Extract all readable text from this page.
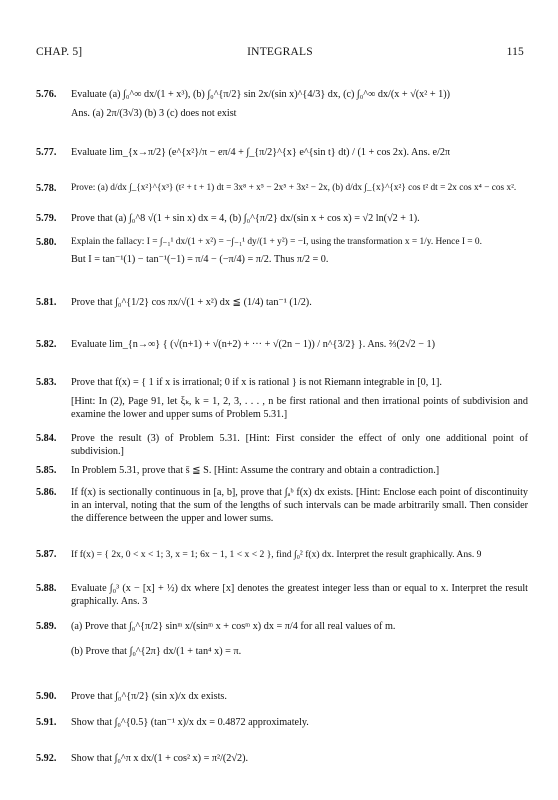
CHAP. 5]	INTEGRALS	115
5.76. Evaluate (a) ∫₀^∞ dx/(1 + x³), (b) ∫₀^{π/2} sin 2x/(sin x)^{4/3} dx, (c) ∫₀^∞ dx/(x + √(x² + 1))
Ans. (a) 2π/(3√3) (b) 3 (c) does not exist
5.77. Evaluate lim_{x→π/2} (e^{x²}/π − eπ/4 + ∫_{π/2}^{x} e^{sin t} dt) / (1 + cos 2x). Ans. e/2π
5.78. Prove: (a) d/dx ∫_{x²}^{x³} (t² + t + 1) dt = 3x⁸ + x⁵ − 2x⁵ + 3x² − 2x, (b) d/dx ∫_{x}^{x²} cos t² dt = 2x cos x⁴ − cos x².
5.79. Prove that (a) ∫₀^8 √(1 + sin x) dx = 4, (b) ∫₀^{π/2} dx/(sin x + cos x) = √2 ln(√2 + 1).
5.80. Explain the fallacy: I = ∫₋₁¹ dx/(1 + x²) = −∫₋₁¹ dy/(1 + y²) = −I, using the transformation x = 1/y. Hence I = 0.
But I = tan⁻¹(1) − tan⁻¹(−1) = π/4 − (−π/4) = π/2. Thus π/2 = 0.
5.81. Prove that ∫₀^{1/2} cos πx/√(1 + x²) dx ≦ (1/4) tan⁻¹ (1/2).
5.82. Evaluate lim_{n→∞} { (√(n+1) + √(n+2) + ··· + √(2n − 1)) / n^{3/2} }. Ans. ⅔(2√2 − 1)
5.83. Prove that f(x) = { 1 if x is irrational; 0 if x is rational } is not Riemann integrable in [0, 1].
[Hint: In (2), Page 91, let ξₖ, k = 1, 2, 3, . . . , n be first rational and then irrational points of subdivision and examine the lower and upper sums of Problem 5.31.]
5.84. Prove the result (3) of Problem 5.31. [Hint: First consider the effect of only one additional point of subdivision.]
5.85. In Problem 5.31, prove that s̄ ≦ S. [Hint: Assume the contrary and obtain a contradiction.]
5.86. If f(x) is sectionally continuous in [a, b], prove that ∫ₐᵇ f(x) dx exists. [Hint: Enclose each point of discontinuity in an interval, noting that the sum of the lengths of such intervals can be made arbitrarily small. Then consider the difference between the upper and lower sums.
5.87. If f(x) = { 2x, 0 < x < 1; 3, x = 1; 6x − 1, 1 < x < 2 }, find ∫₀² f(x) dx. Interpret the result graphically. Ans. 9
5.88. Evaluate ∫₀³ (x − [x] + ½) dx where [x] denotes the greatest integer less than or equal to x. Interpret the result graphically. Ans. 3
5.89. (a) Prove that ∫₀^{π/2} sinᵐ x/(sinᵐ x + cosᵐ x) dx = π/4 for all real values of m.
(b) Prove that ∫₀^{2π} dx/(1 + tan⁴ x) = π.
5.90. Prove that ∫₀^{π/2} (sin x)/x dx exists.
5.91. Show that ∫₀^{0.5} (tan⁻¹ x)/x dx = 0.4872 approximately.
5.92. Show that ∫₀^π x dx/(1 + cos² x) = π²/(2√2).
